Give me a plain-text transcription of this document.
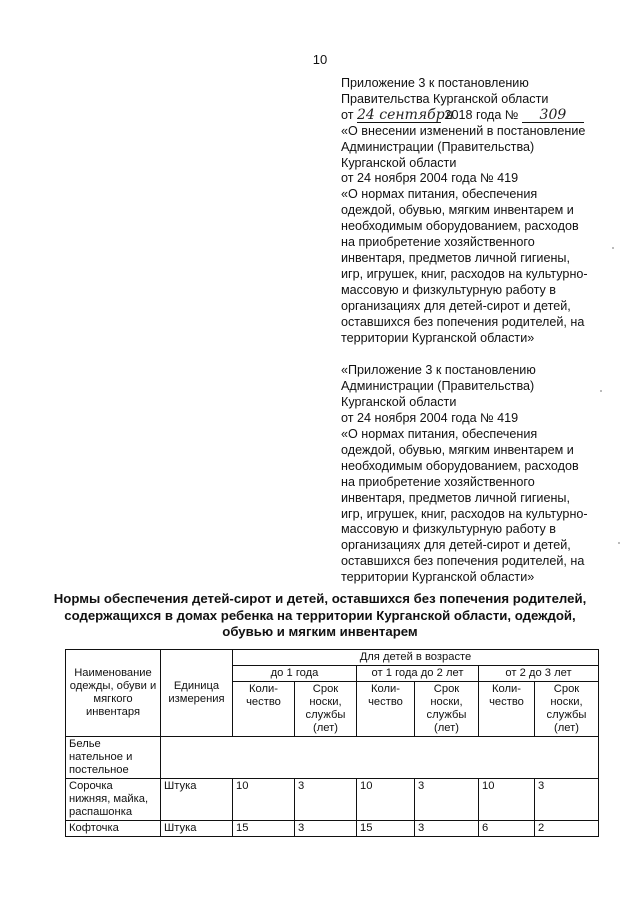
10

Приложение 3 к постановлению

Правительства Курганской области

от 24 сентября 2018 года № 309

«О внесении изменений в постановление

Администрации (Правительства)

Курганской области

от 24 ноября 2004 года № 419

«О нормах питания, обеспечения

одеждой, обувью, мягким инвентарем и

необходимым оборудованием, расходов

на приобретение хозяйственного

инвентаря, предметов личной гигиены,

игр, игрушек, книг, расходов на культурно-

массовую и физкультурную работу в

организациях для детей-сирот и детей,

оставшихся без попечения родителей, на

территории Курганской области»

«Приложение 3 к постановлению

Администрации (Правительства)

Курганской области

от 24 ноября 2004 года № 419

«О нормах питания, обеспечения

одеждой, обувью, мягким инвентарем и

необходимым оборудованием, расходов

на приобретение хозяйственного

инвентаря, предметов личной гигиены,

игр, игрушек, книг, расходов на культурно-

массовую и физкультурную работу в

организациях для детей-сирот и детей,

оставшихся без попечения родителей, на

территории Курганской области»

Нормы обеспечения детей-сирот и детей, оставшихся без попечения родителей,

содержащихся в домах ребенка на территории Курганской области, одеждой,

обувью и мягким инвентарем

Наименование одежды, обуви и мягкого инвентаря	Единица измерения	Для детей в возрасте					
		до 1 года		от 1 года до 2 лет		от 2 до 3 лет	
		Коли-чество	Срок носки, службы (лет)	Коли-чество	Срок носки, службы (лет)	Коли-чество	Срок носки, службы (лет)
Белье нательное и постельное							
Сорочка нижняя, майка, распашонка	Штука	10	3	10	3	10	3
Кофточка	Штука	15	3	15	3	6	2
